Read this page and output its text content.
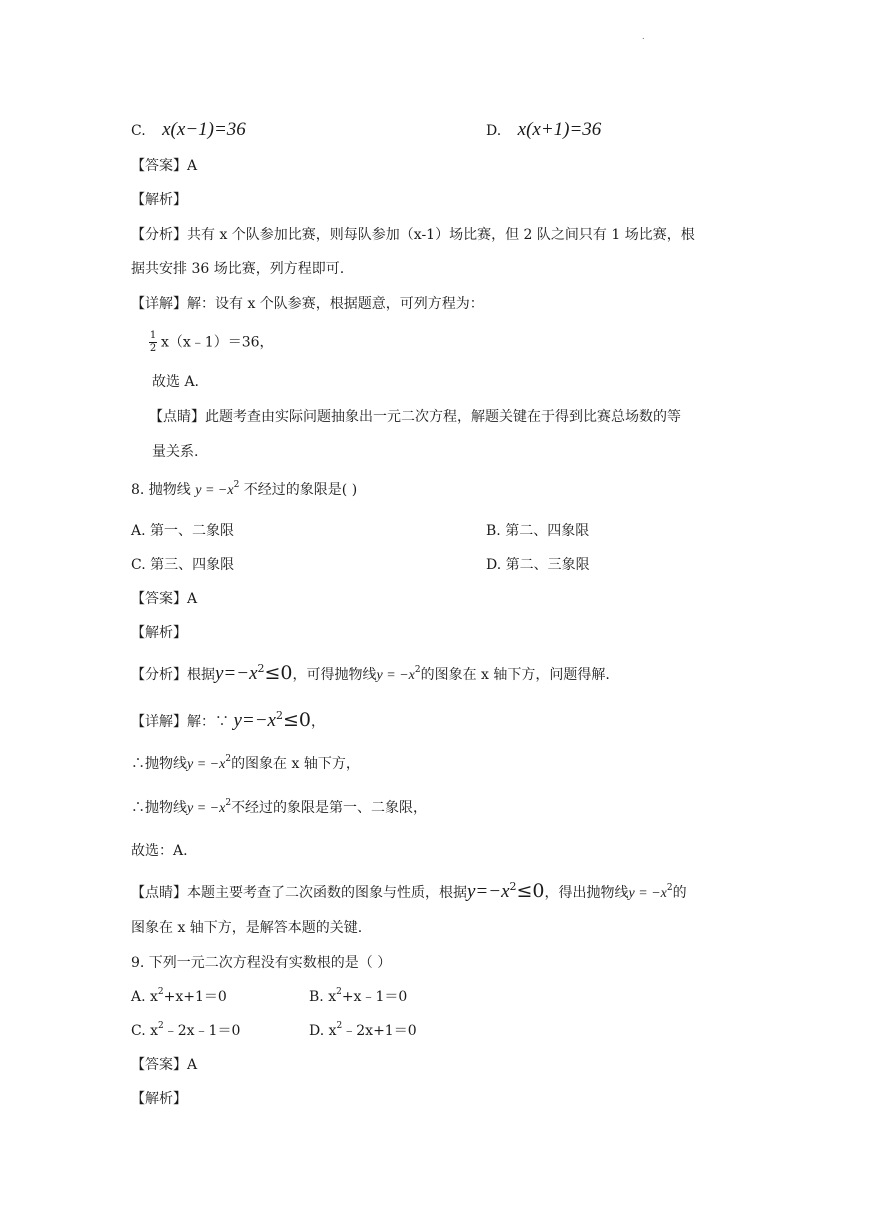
.
C. x(x−1)=36	D. x(x+1)=36
【答案】A
【解析】
【分析】共有 x 个队参加比赛，则每队参加（x-1）场比赛，但 2 队之间只有 1 场比赛，根
据共安排 36 场比赛，列方程即可.
【详解】解：设有 x 个队参赛，根据题意，可列方程为：
$\frac{1}{2}$ x（x﹣1）＝36，
故选 A.
【点睛】此题考查由实际问题抽象出一元二次方程，解题关键在于得到比赛总场数的等
量关系.
8. 抛物线 $y = -x^2$ 不经过的象限是( )
A. 第一、二象限	B. 第二、四象限
C. 第三、四象限	D. 第二、三象限
【答案】A
【解析】
【分析】根据$y=-x^2\le 0$，可得抛物线$y = -x^2$的图象在 x 轴下方，问题得解.
【详解】解：∵ $y=-x^2\le 0$，
∴抛物线$y = -x^2$的图象在 x 轴下方，
∴抛物线$y = -x^2$不经过的象限是第一、二象限，
故选：A.
【点睛】本题主要考查了二次函数的图象与性质，根据$y=-x^2\le 0$，得出抛物线$y = -x^2$的
图象在 x 轴下方，是解答本题的关键.
9. 下列一元二次方程没有实数根的是（ ）
A. $x^2+x+1=0$	B. $x^2+x﹣1=0$
C. $x^2﹣2x﹣1=0$	D. $x^2﹣2x+1=0$
【答案】A
【解析】
